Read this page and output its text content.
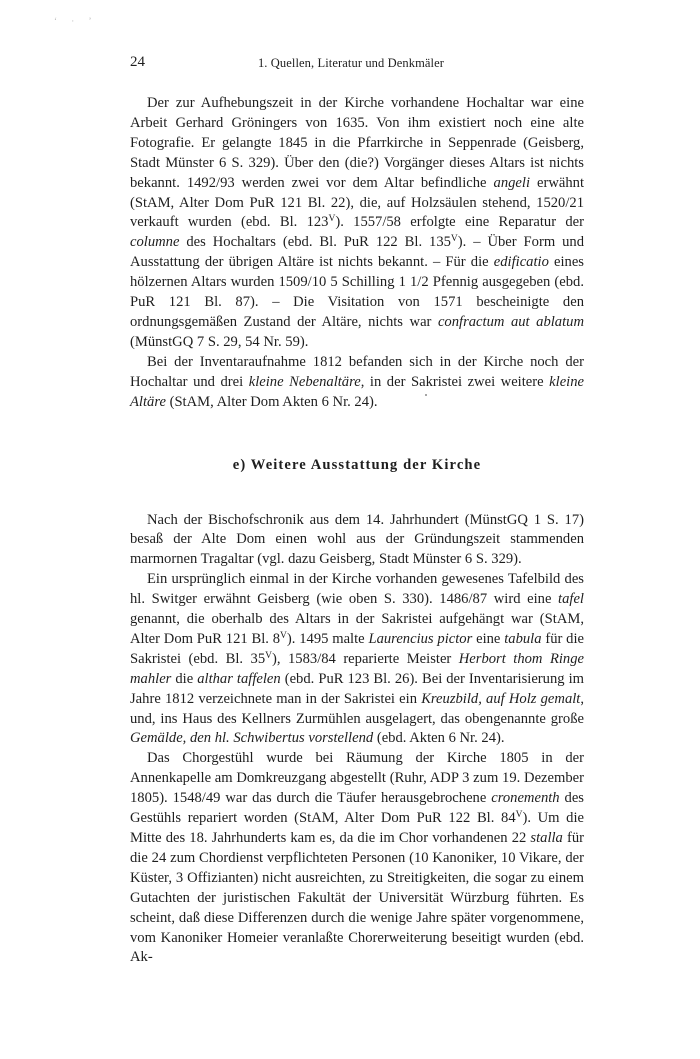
‘ · ’
24	1. Quellen, Literatur und Denkmäler

Der zur Aufhebungszeit in der Kirche vorhandene Hochaltar war eine Arbeit Gerhard Gröningers von 1635. Von ihm existiert noch eine alte Fotografie. Er gelangte 1845 in die Pfarrkirche in Seppenrade (Geisberg, Stadt Münster 6 S. 329). Über den (die?) Vorgänger dieses Altars ist nichts bekannt. 1492/93 werden zwei vor dem Altar befindliche angeli erwähnt (StAM, Alter Dom PuR 121 Bl. 22), die, auf Holzsäulen stehend, 1520/21 verkauft wurden (ebd. Bl. $123^V$). 1557/58 erfolgte eine Reparatur der columne des Hochaltars (ebd. Bl. PuR 122 Bl. $135^V$). – Über Form und Ausstattung der übrigen Altäre ist nichts bekannt. – Für die edificatio eines hölzernen Altars wurden 1509/10 5 Schilling 1 1/2 Pfennig ausgegeben (ebd. PuR 121 Bl. 87). – Die Visitation von 1571 bescheinigte den ordnungsgemäßen Zustand der Altäre, nichts war confractum aut ablatum (MünstGQ 7 S. 29, 54 Nr. 59).

Bei der Inventaraufnahme 1812 befanden sich in der Kirche noch der Hochaltar und drei kleine Nebenaltäre, in der Sakristei zwei weitere kleine Altäre (StAM, Alter Dom Akten 6 Nr. 24).

e) Weitere Ausstattung der Kirche

Nach der Bischofschronik aus dem 14. Jahrhundert (MünstGQ 1 S. 17) besaß der Alte Dom einen wohl aus der Gründungszeit stammenden marmornen Tragaltar (vgl. dazu Geisberg, Stadt Münster 6 S. 329).

Ein ursprünglich einmal in der Kirche vorhanden gewesenes Tafelbild des hl. Switger erwähnt Geisberg (wie oben S. 330). 1486/87 wird eine tafel genannt, die oberhalb des Altars in der Sakristei aufgehängt war (StAM, Alter Dom PuR 121 Bl. $8^V$). 1495 malte Laurencius pictor eine tabula für die Sakristei (ebd. Bl. $35^V$), 1583/84 reparierte Meister Herbort thom Ringe mahler die althar taffelen (ebd. PuR 123 Bl. 26). Bei der Inventarisierung im Jahre 1812 verzeichnete man in der Sakristei ein Kreuzbild, auf Holz gemalt, und, ins Haus des Kellners Zurmühlen ausgelagert, das obengenannte große Gemälde, den hl. Schwibertus vorstellend (ebd. Akten 6 Nr. 24).

Das Chorgestühl wurde bei Räumung der Kirche 1805 in der Annenkapelle am Domkreuzgang abgestellt (Ruhr, ADP 3 zum 19. Dezember 1805). 1548/49 war das durch die Täufer herausgebrochene cronementh des Gestühls repariert worden (StAM, Alter Dom PuR 122 Bl. $84^V$). Um die Mitte des 18. Jahrhunderts kam es, da die im Chor vorhandenen 22 stalla für die 24 zum Chordienst verpflichteten Personen (10 Kanoniker, 10 Vikare, der Küster, 3 Offizianten) nicht ausreichten, zu Streitigkeiten, die sogar zu einem Gutachten der juristischen Fakultät der Universität Würzburg führten. Es scheint, daß diese Differenzen durch die wenige Jahre später vorgenommene, vom Kanoniker Homeier veranlaßte Chorerweiterung beseitigt wurden (ebd. Ak-
